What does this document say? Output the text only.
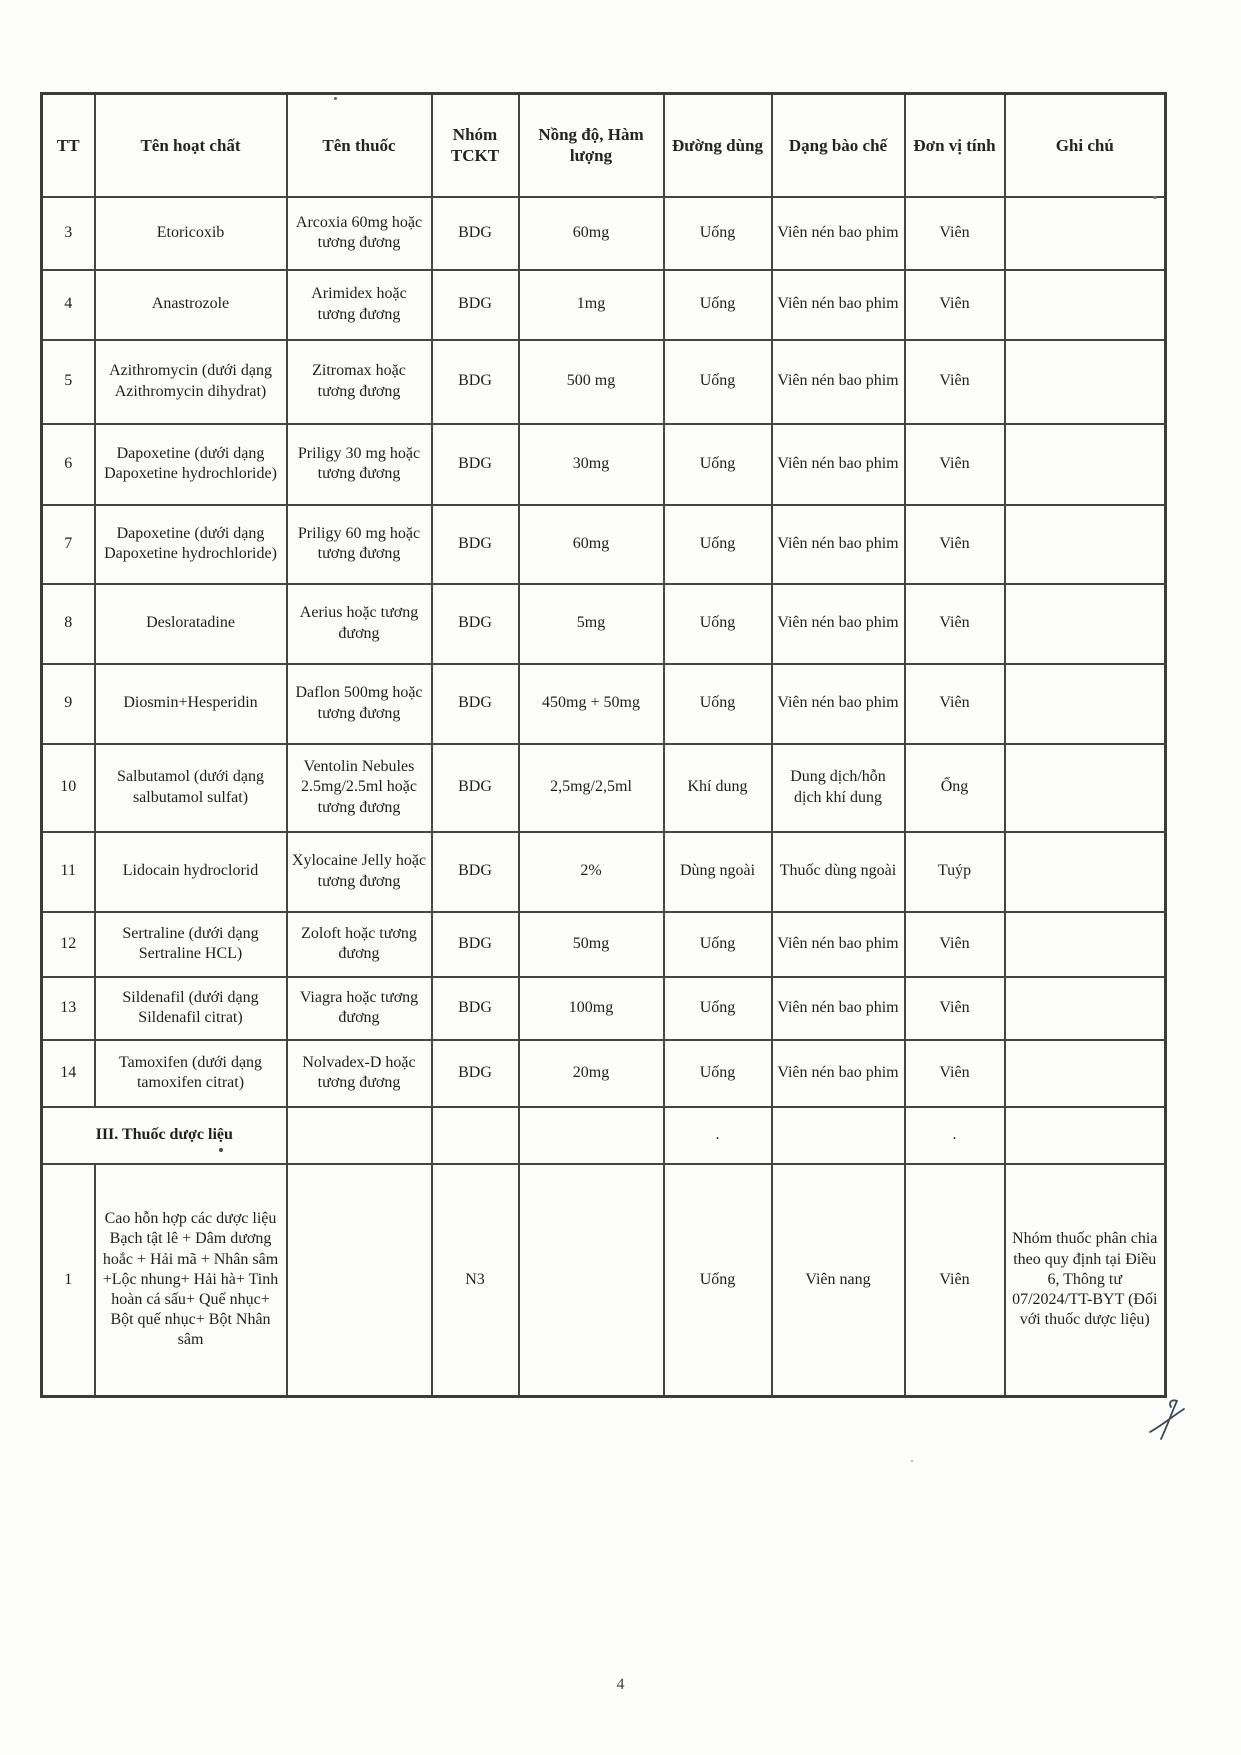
TT	Tên hoạt chất	Tên thuốc	Nhóm TCKT	Nồng độ, Hàm lượng	Đường dùng	Dạng bào chế	Đơn vị tính	Ghi chú

3	Etoricoxib	Arcoxia 60mg hoặc tương đương	BDG	60mg	Uống	Viên nén bao phim	Viên	

4	Anastrozole	Arimidex hoặc tương đương	BDG	1mg	Uống	Viên nén bao phim	Viên	

5	Azithromycin (dưới dạng Azithromycin dihydrat)	Zitromax hoặc tương đương	BDG	500 mg	Uống	Viên nén bao phim	Viên	

6	Dapoxetine (dưới dạng Dapoxetine hydrochloride)	Priligy 30 mg hoặc tương đương	BDG	30mg	Uống	Viên nén bao phim	Viên	

7	Dapoxetine (dưới dạng Dapoxetine hydrochloride)	Priligy 60 mg hoặc tương đương	BDG	60mg	Uống	Viên nén bao phim	Viên	

8	Desloratadine	Aerius hoặc tương đương	BDG	5mg	Uống	Viên nén bao phim	Viên	

9	Diosmin+Hesperidin	Daflon 500mg hoặc tương đương	BDG	450mg + 50mg	Uống	Viên nén bao phim	Viên	

10	Salbutamol (dưới dạng salbutamol sulfat)	Ventolin Nebules 2.5mg/2.5ml hoặc tương đương	BDG	2,5mg/2,5ml	Khí dung	Dung dịch/hỗn dịch khí dung	Ống	

11	Lidocain hydroclorid	Xylocaine Jelly hoặc tương đương	BDG	2%	Dùng ngoài	Thuốc dùng ngoài	Tuýp	

12	Sertraline (dưới dạng Sertraline HCL)	Zoloft hoặc tương đương	BDG	50mg	Uống	Viên nén bao phim	Viên	

13	Sildenafil (dưới dạng Sildenafil citrat)	Viagra hoặc tương đương	BDG	100mg	Uống	Viên nén bao phim	Viên	

14	Tamoxifen (dưới dạng tamoxifen citrat)	Nolvadex-D hoặc tương đương	BDG	20mg	Uống	Viên nén bao phim	Viên	

III. Thuốc dược liệu					.		.	

1	Cao hỗn hợp các dược liệu Bạch tật lê + Dâm dương hoắc + Hải mã + Nhân sâm +Lộc nhung+ Hải hà+ Tinh hoàn cá sấu+ Quế nhục+ Bột quế nhục+ Bột Nhân sâm		N3		Uống	Viên nang	Viên	Nhóm thuốc phân chia theo quy định tại Điều 6, Thông tư 07/2024/TT-BYT (Đối với thuốc dược liệu)
4
